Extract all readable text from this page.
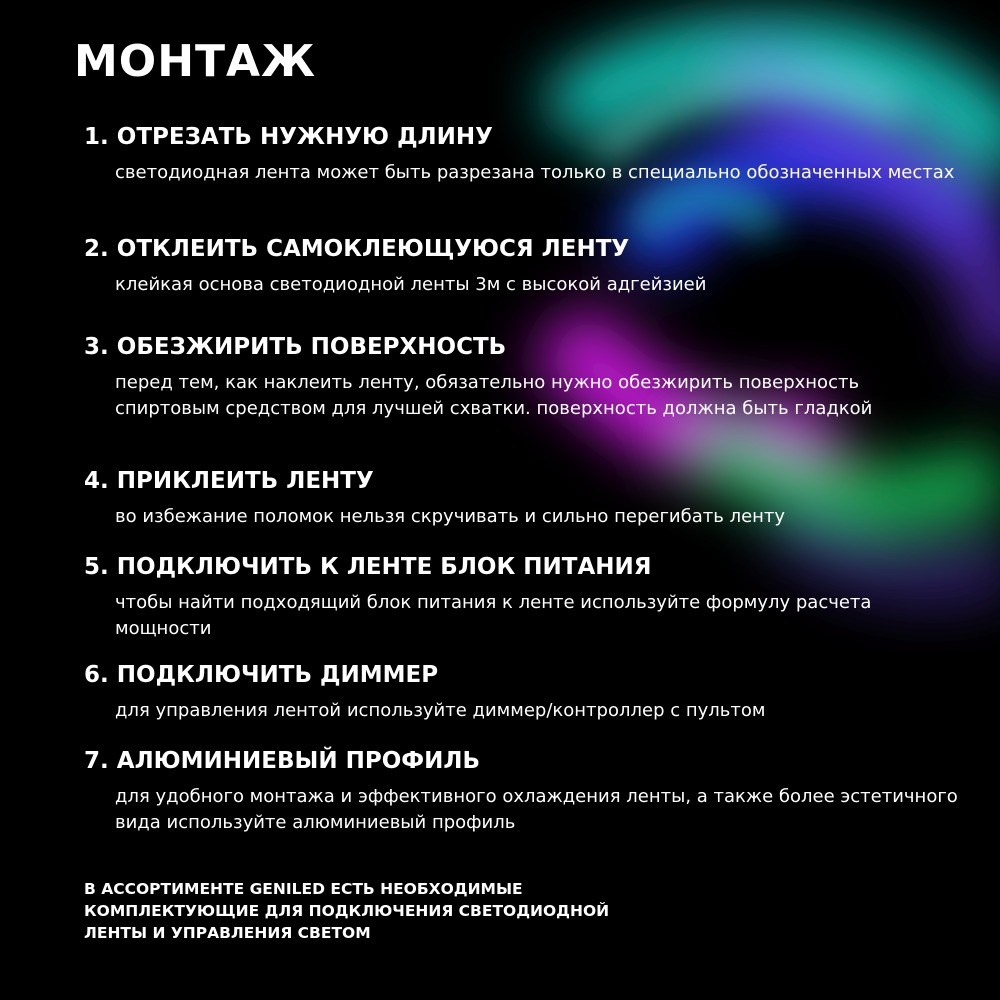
МОНТАЖ
1. ОТРЕЗАТЬ НУЖНУЮ ДЛИНУ
светодиодная лента может быть разрезана только в специально обозначенных местах
2. ОТКЛЕИТЬ САМОКЛЕЮЩУЮСЯ ЛЕНТУ
клейкая основа светодиодной ленты 3м с высокой адгейзией
3. ОБЕЗЖИРИТЬ ПОВЕРХНОСТЬ
перед тем, как наклеить ленту, обязательно нужно обезжирить поверхность спиртовым средством для лучшей схватки. поверхность должна быть гладкой
4. ПРИКЛЕИТЬ ЛЕНТУ
во избежание поломок нельзя скручивать и сильно перегибать ленту
5. ПОДКЛЮЧИТЬ К ЛЕНТЕ БЛОК ПИТАНИЯ
чтобы найти подходящий блок питания к ленте используйте формулу расчета мощности
6. ПОДКЛЮЧИТЬ ДИММЕР
для управления лентой используйте диммер/контроллер с пультом
7. АЛЮМИНИЕВЫЙ ПРОФИЛЬ
для удобного монтажа и эффективного охлаждения ленты, а также более эстетичного вида используйте алюминиевый профиль

В АССОРТИМЕНТЕ GENILED ЕСТЬ НЕОБХОДИМЫЕ КОМПЛЕКТУЮЩИЕ ДЛЯ ПОДКЛЮЧЕНИЯ СВЕТОДИОДНОЙ ЛЕНТЫ И УПРАВЛЕНИЯ СВЕТОМ
